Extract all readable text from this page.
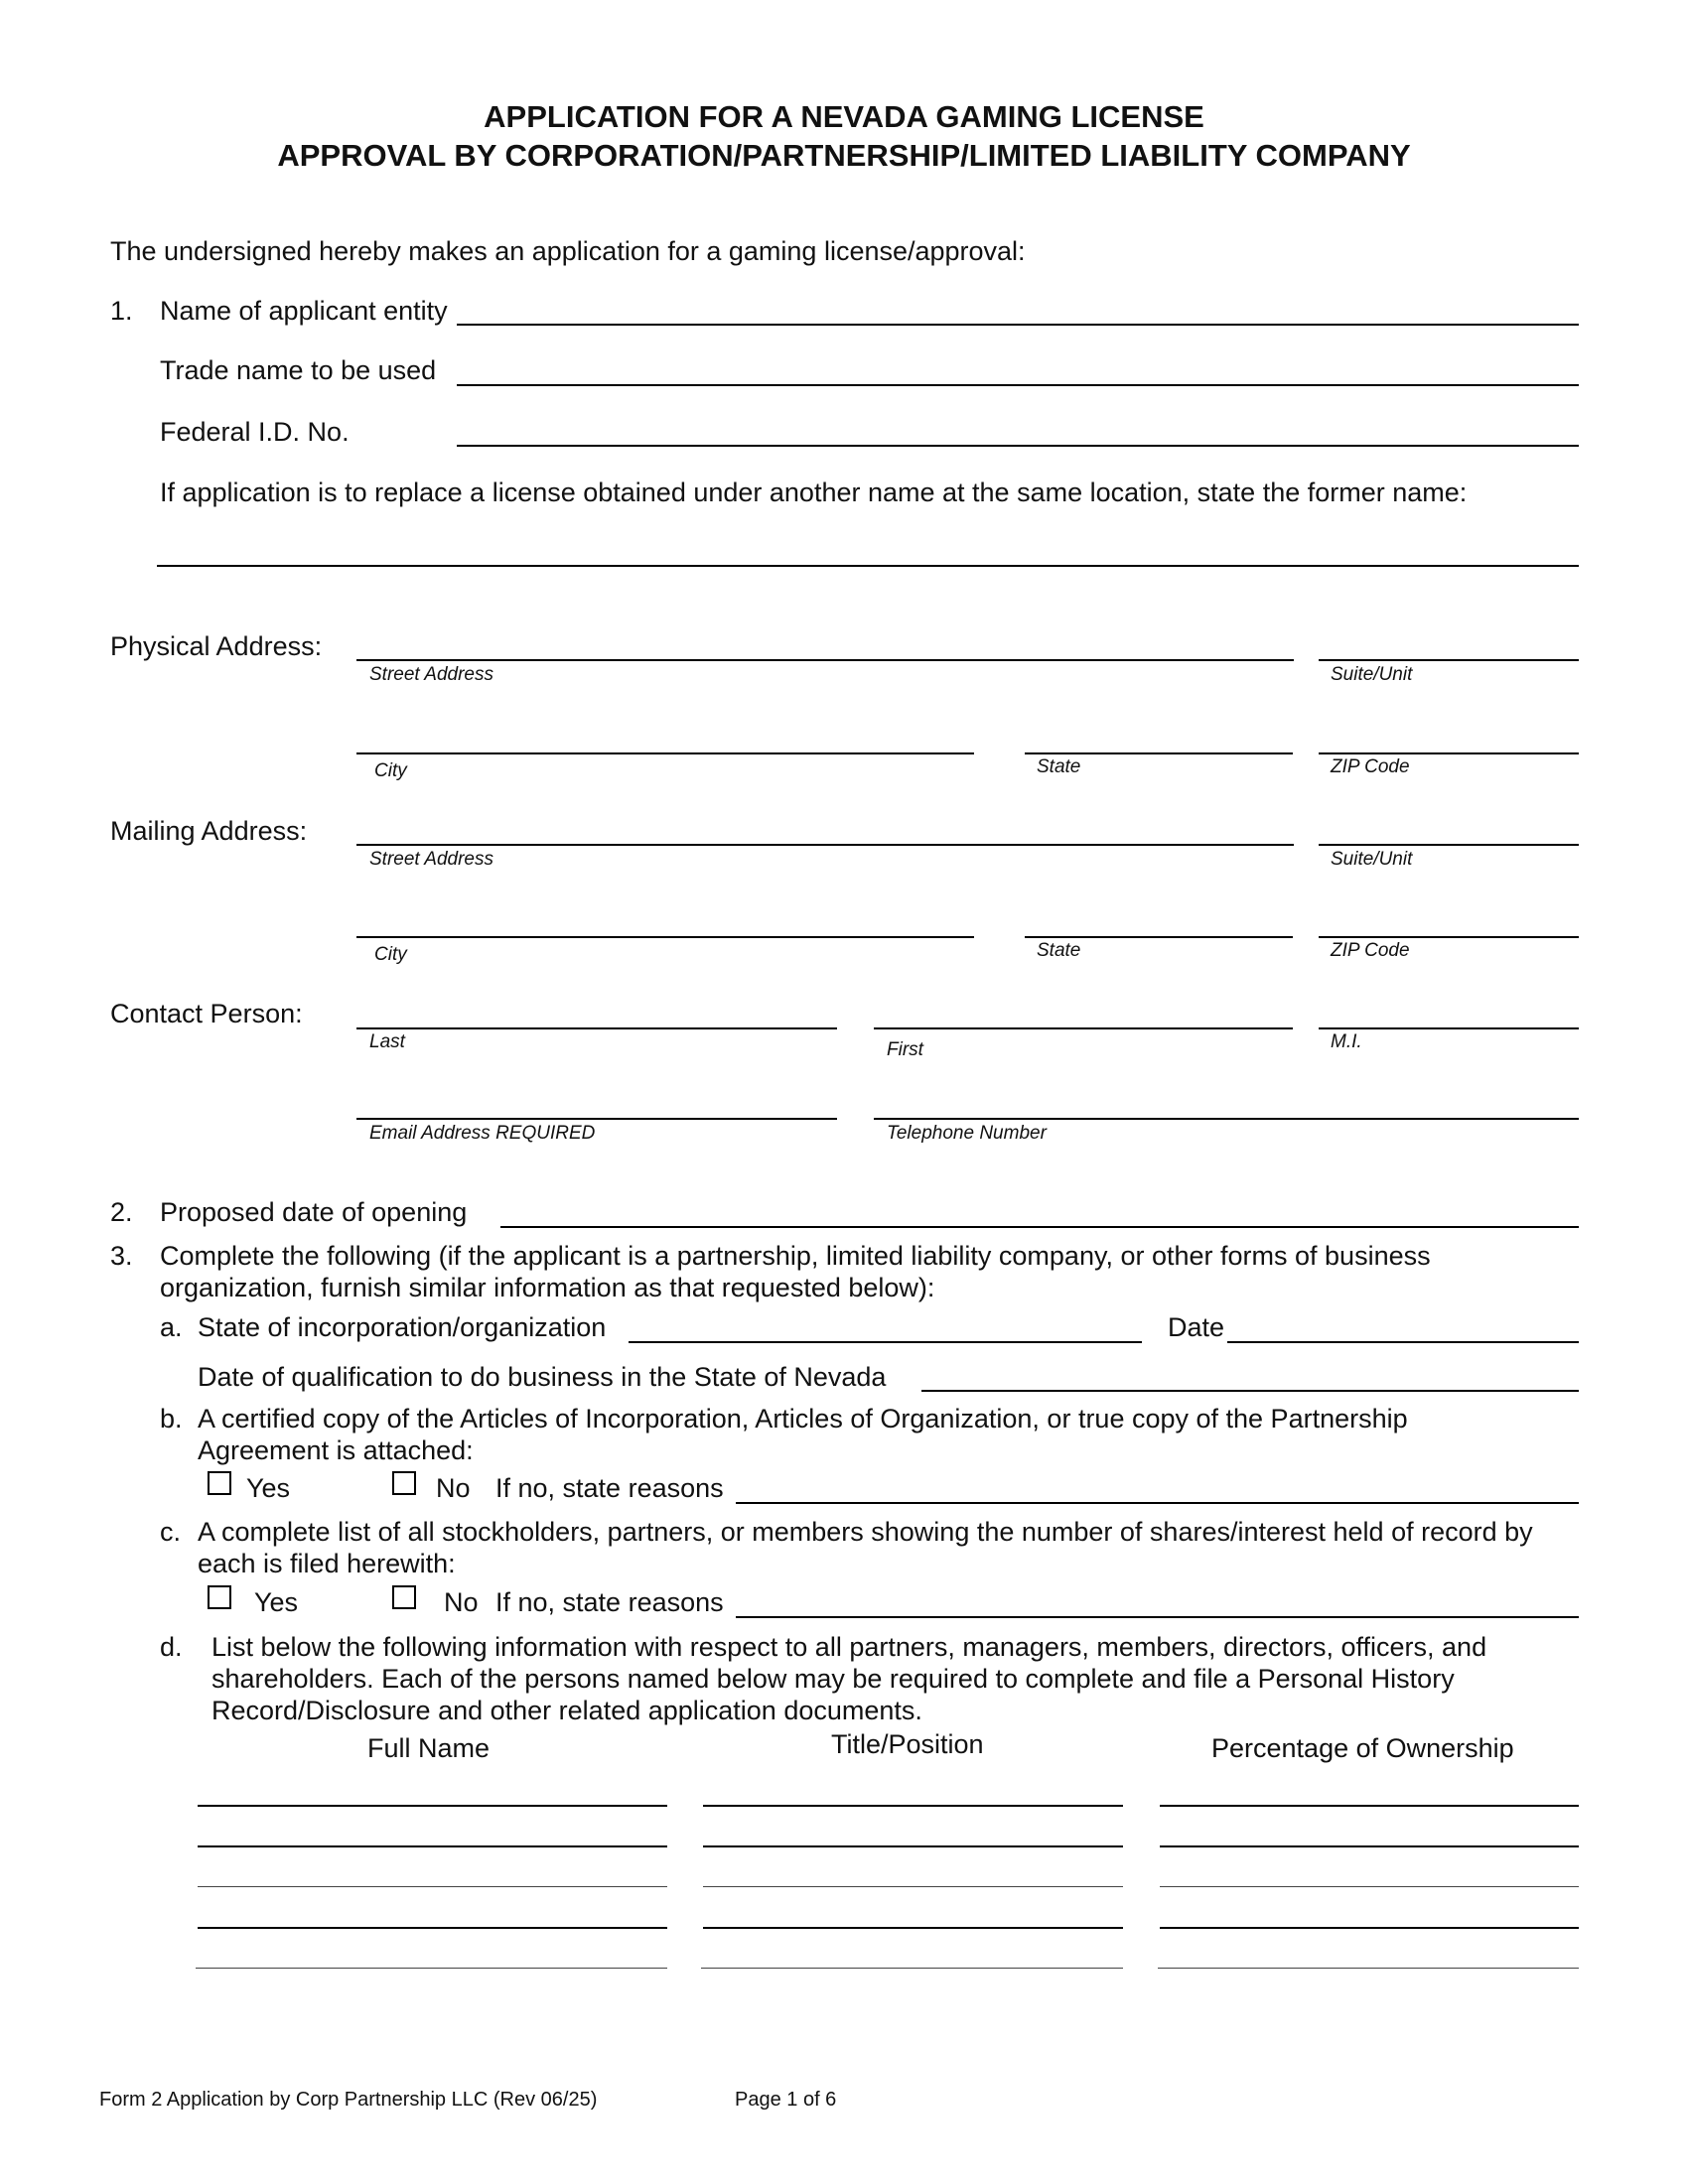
APPLICATION FOR A NEVADA GAMING LICENSE
APPROVAL BY CORPORATION/PARTNERSHIP/LIMITED LIABILITY COMPANY
The undersigned hereby makes an application for a gaming license/approval:
1. Name of applicant entity
Trade name to be used
Federal I.D. No.
If application is to replace a license obtained under another name at the same location, state the former name:
Physical Address:
Street Address	Suite/Unit
City	State	ZIP Code
Mailing Address:
Street Address	Suite/Unit
City	State	ZIP Code
Contact Person:
Last	First	M.I.
Email Address REQUIRED	Telephone Number
2. Proposed date of opening
3. Complete the following (if the applicant is a partnership, limited liability company, or other forms of business
organization, furnish similar information as that requested below):
a. State of incorporation/organization	Date
Date of qualification to do business in the State of Nevada
b. A certified copy of the Articles of Incorporation, Articles of Organization, or true copy of the Partnership
Agreement is attached:
Yes	No If no, state reasons
c. A complete list of all stockholders, partners, or members showing the number of shares/interest held of record by
each is filed herewith:
Yes	No If no, state reasons
d. List below the following information with respect to all partners, managers, members, directors, officers, and
shareholders. Each of the persons named below may be required to complete and file a Personal History
Record/Disclosure and other related application documents.
Full Name	Title/Position	Percentage of Ownership
Form 2 Application by Corp Partnership LLC (Rev 06/25)	Page 1 of 6
